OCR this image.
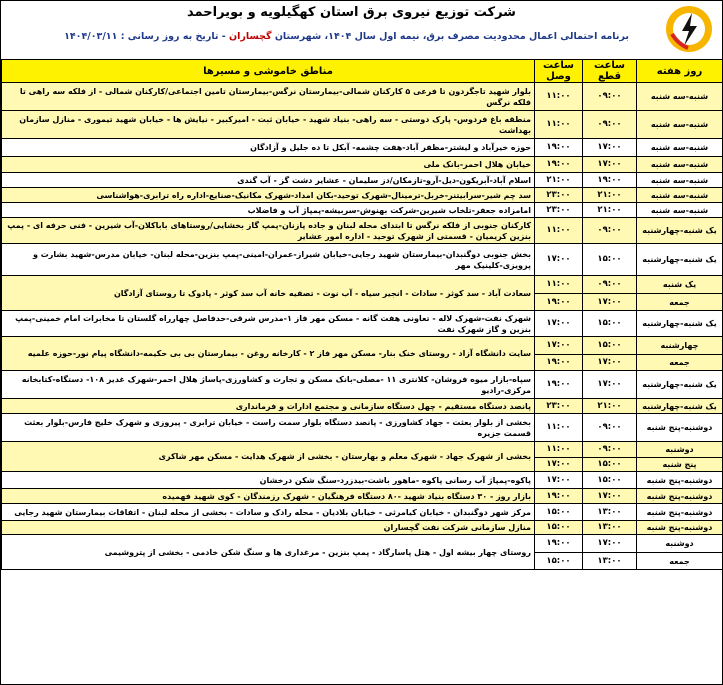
شرکت توزیع نیروی برق استان کهگیلویه و بویراحمد
برنامه احتمالی اعمال محدودیت مصرف برق، نیمه اول سال ۱۴۰۴، شهرستان گچساران - تاریخ به روز رسانی : ۱۴۰۴/۰۳/۱۱
روز هفته	ساعت قطع	ساعت وصل	مناطق خاموشی و مسیرها
شنبه-سه شنبه	۰۹:۰۰	۱۱:۰۰	بلوار شهید تاجگردون تا فرعی ۵ کارکنان شمالی-بیمارستان نرگس-بیمارستان تامین اجتماعی/کارکنان شمالی - از فلکه سه راهی تا فلکه نرگس
شنبه-سه شنبه	۰۹:۰۰	۱۱:۰۰	منطقه باغ فردوس- پارک دوستی - سه راهی- بنیاد شهید - خیابان ثبت - امیرکبیر - نیایش ها - خیابان شهید تیموری - منازل سازمان بهداشت
شنبه-سه شنبه	۱۷:۰۰	۱۹:۰۰	حوزه خیرآباد و لیشتر-مظفر آباد-هفت چشمه- آبکل تا ده جلیل و آزادگان
شنبه-سه شنبه	۱۷:۰۰	۱۹:۰۰	خیابان هلال احمر-بانک ملی
شنبه-سه شنبه	۱۹:۰۰	۲۱:۰۰	اسلام آباد-آبریکون-دیل-آرو-تازمکان/دز سلیمان - عشایر دشت گز - آب گندی
شنبه-سه شنبه	۲۱:۰۰	۲۳:۰۰	سد چم شیر-سرابیتنر-خربل-ترمینال-شهرک توحید-بکان امداد-شهرک مکانیک-صنایع-اداره راه ترابری-هواشناسی
شنبه-سه شنبه	۲۱:۰۰	۲۳:۰۰	امامزاده جعفر-تلخاب شیرین-شرکت بهنوش-سربیشه-پمپاژ آب و فاضلاب
یک شنبه-چهارشنبه	۰۹:۰۰	۱۱:۰۰	کارکنان جنوبی از فلکه نرگس تا ابتدای محله لبنان و جاده پازنان-پمپ گاز بخشایی/روستاهای باباکلان-آب شیرین - فنی حرفه ای - پمپ بنزین کریمیان - قسمتی از شهرک توحید - اداره امور عشایر
یک شنبه-چهارشنبه	۱۵:۰۰	۱۷:۰۰	بخش جنوبی دوگنبدان-بیمارستان شهید رجایی-خیابان شیراز-عمران-امینی-پمپ بنزین-محله لبنان- خیابان مدرس-شهید بشارت و پرویزی-کلینیک مهر
یک شنبه	۰۹:۰۰	۱۱:۰۰	سعادت آباد - سد کوثر - سادات - انجیر سیاه - آب نوت - تصفیه خانه آب سد کوثر - پادوک تا روستای آزادگان
جمعه	۱۷:۰۰	۱۹:۰۰	
یک شنبه-چهارشنبه	۱۵:۰۰	۱۷:۰۰	شهرک نفت-شهرک لاله - تعاونی هفت گانه - مسکن مهر فاز ۱-مدرس شرقی-حدفاصل چهارراه گلستان تا مخابرات امام خمینی-پمپ بنزین و گاز شهرک نفت
چهارشنبه	۱۵:۰۰	۱۷:۰۰	سایت دانشگاه آزاد - روستای خنک بنار- مسکن مهر فاز ۲ - کارخانه روغن - بیمارستان بی بی حکیمه-دانشگاه پیام نور-حوزه علمیه
جمعه	۱۷:۰۰	۱۹:۰۰	
یک شنبه-چهارشنبه	۱۷:۰۰	۱۹:۰۰	سپاه-بازار میوه فروشان- کلانتری ۱۱ -مصلی-بانک مسکن و تجارت و کشاورزی-پاساژ هلال احمر-شهرک غدیر ۱۰۸- دستگاه-کتابخانه مرکزی-رادیو
یک شنبه-چهارشنبه	۲۱:۰۰	۲۳:۰۰	پانصد دستگاه مستقیم - چهل دستگاه سازمانی و مجتمع ادارات و فرمانداری
دوشنبه-پنج شنبه	۰۹:۰۰	۱۱:۰۰	بخشی از بلوار بعثت - جهاد کشاورزی - پانصد دستگاه بلوار سمت راست - خیابان ترابری - پیروزی و شهرک خلیج فارس-بلوار بعثت قسمت جزیره
دوشنبه	۰۹:۰۰	۱۱:۰۰	بخشی از شهرک جهاد - شهرک معلم و بهارستان - بخشی از شهرک هدایت - مسکن مهر شاکری
پنج شنبه	۱۵:۰۰	۱۷:۰۰	
دوشنبه-پنج شنبه	۱۵:۰۰	۱۷:۰۰	پاکوه-پمپاژ آب رسانی پاکوه -ماهور باشت-بیدزرد-سنگ شکن درخشان
دوشنبه-پنج شنبه	۱۷:۰۰	۱۹:۰۰	بازار روز - ۳۰ دستگاه بنیاد شهید -۸۰ دستگاه فرهنگیان - شهرک رزمندگان - کوی شهید فهمیده
دوشنبه-پنج شنبه	۱۳:۰۰	۱۵:۰۰	مرکز شهر دوگنبدان - خیابان کیامرثی - خیابان بلادیان - محله رادک و سادات - بخشی از محله لبنان - اتفاقات بیمارستان شهید رجایی
دوشنبه-پنج شنبه	۱۳:۰۰	۱۵:۰۰	منازل سازمانی شرکت نفت گچساران
دوشنبه	۱۷:۰۰	۱۹:۰۰	روستای چهار بیشه اول - هتل پاسارگاد - پمپ بنزین - مرغداری ها و سنگ شکن خادمی - بخشی از پتروشیمی
جمعه	۱۳:۰۰	۱۵:۰۰	
